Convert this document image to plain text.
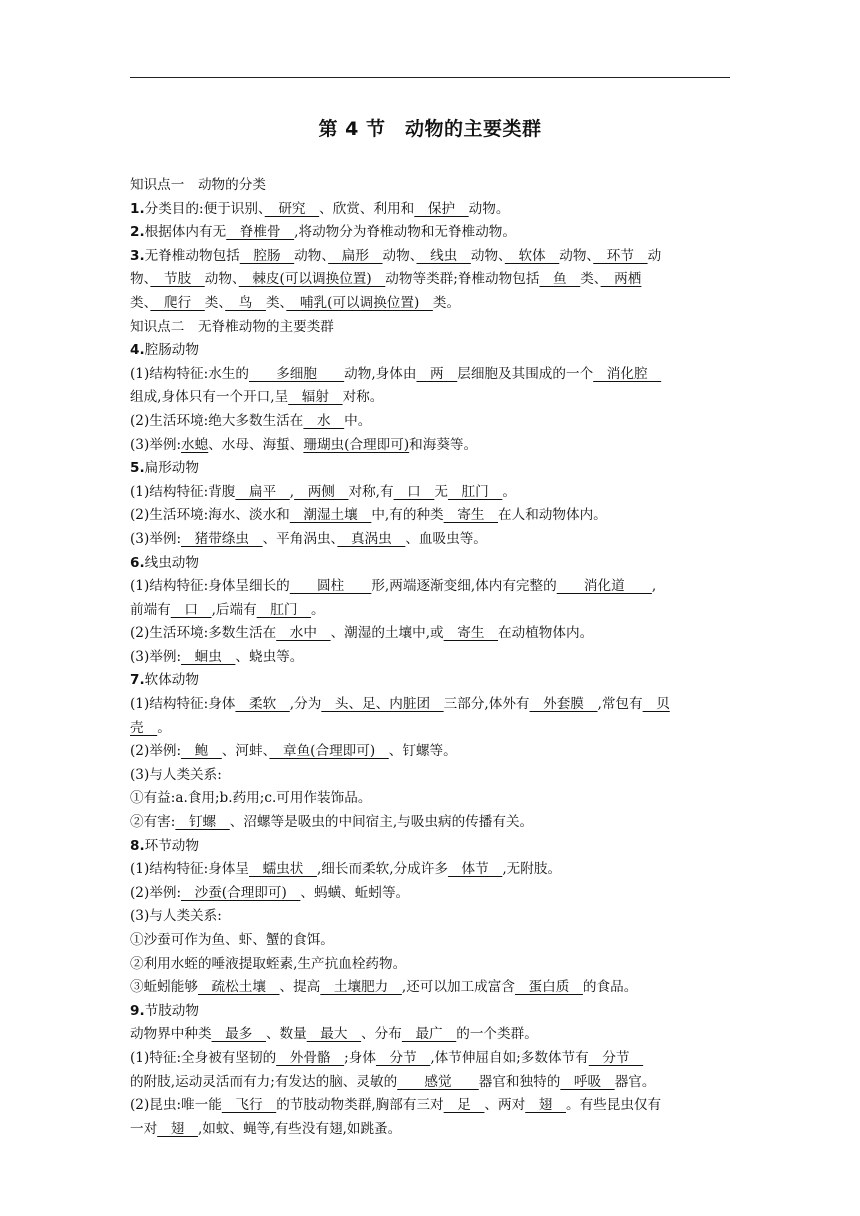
第 4 节　动物的主要类群
知识点一　动物的分类
1.分类目的:便于识别、　研究　、欣赏、利用和　保护　动物。
2.根据体内有无　脊椎骨　,将动物分为脊椎动物和无脊椎动物。
3.无脊椎动物包括　腔肠　动物、　扁形　动物、　线虫　动物、　软体　动物、　环节　动
物、　节肢　动物、　棘皮(可以调换位置)　动物等类群;脊椎动物包括　鱼　类、　两栖
类、　爬行　类、　鸟　类、　哺乳(可以调换位置)　类。
知识点二　无脊椎动物的主要类群
4.腔肠动物
(1)结构特征:水生的　　多细胞　　动物,身体由　两　层细胞及其围成的一个　消化腔　
组成,身体只有一个开口,呈　辐射　对称。
(2)生活环境:绝大多数生活在　水　中。
(3)举例:水螅、水母、海蜇、珊瑚虫(合理即可)和海葵等。
5.扁形动物
(1)结构特征:背腹　扁平　,　两侧　对称,有　口　无　肛门　。
(2)生活环境:海水、淡水和　潮湿土壤　中,有的种类　寄生　在人和动物体内。
(3)举例:　猪带绦虫　、平角涡虫、　真涡虫　、血吸虫等。
6.线虫动物
(1)结构特征:身体呈细长的　　圆柱　　形,两端逐渐变细,体内有完整的　　消化道　　,
前端有　口　,后端有　肛门　。
(2)生活环境:多数生活在　水中　、潮湿的土壤中,或　寄生　在动植物体内。
(3)举例:　蛔虫　、蛲虫等。
7.软体动物
(1)结构特征:身体　柔软　,分为　头、足、内脏团　三部分,体外有　外套膜　,常包有　贝
壳　。
(2)举例:　鲍　、河蚌、　章鱼(合理即可)　、钉螺等。
(3)与人类关系:
①有益:a.食用;b.药用;c.可用作装饰品。
②有害:　钉螺　、沼螺等是吸虫的中间宿主,与吸虫病的传播有关。
8.环节动物
(1)结构特征:身体呈　蠕虫状　,细长而柔软,分成许多　体节　,无附肢。
(2)举例:　沙蚕(合理即可)　、蚂蟥、蚯蚓等。
(3)与人类关系:
①沙蚕可作为鱼、虾、蟹的食饵。
②利用水蛭的唾液提取蛭素,生产抗血栓药物。
③蚯蚓能够　疏松土壤　、提高　土壤肥力　,还可以加工成富含　蛋白质　的食品。
9.节肢动物
动物界中种类　最多　、数量　最大　、分布　最广　的一个类群。
(1)特征:全身被有坚韧的　外骨骼　;身体　分节　,体节伸屈自如;多数体节有　分节　
的附肢,运动灵活而有力;有发达的脑、灵敏的　　感觉　　器官和独特的　呼吸　器官。
(2)昆虫:唯一能　飞行　的节肢动物类群,胸部有三对　足　、两对　翅　。有些昆虫仅有
一对　翅　,如蚊、蝇等,有些没有翅,如跳蚤。
